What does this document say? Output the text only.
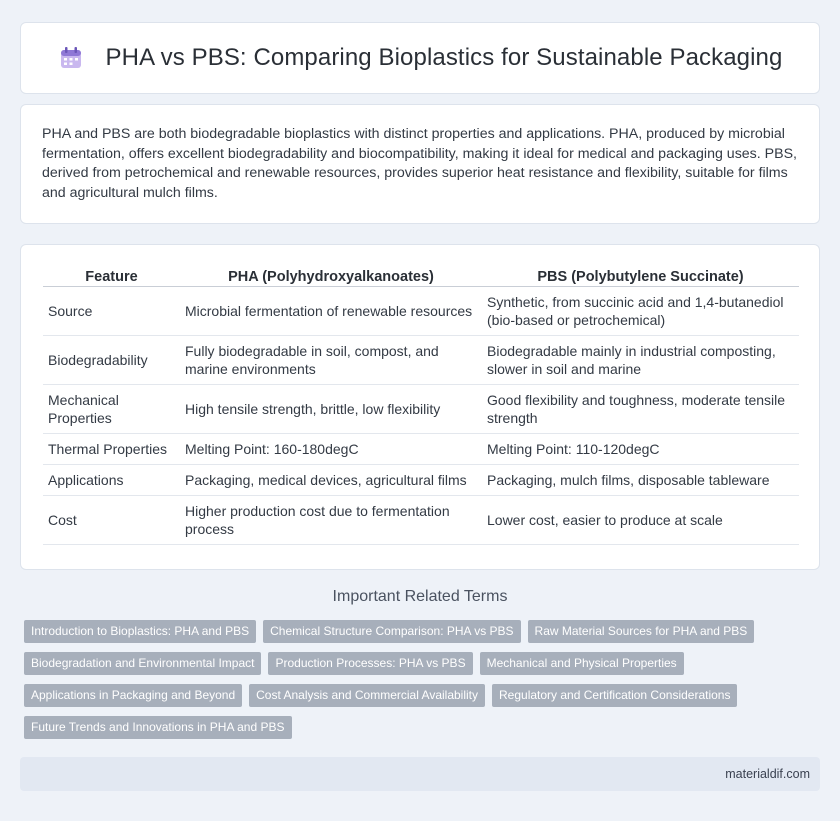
PHA vs PBS: Comparing Bioplastics for Sustainable Packaging

PHA and PBS are both biodegradable bioplastics with distinct properties and applications. PHA, produced by microbial fermentation, offers excellent biodegradability and biocompatibility, making it ideal for medical and packaging uses. PBS, derived from petrochemical and renewable resources, provides superior heat resistance and flexibility, suitable for films and agricultural mulch films.

Feature	PHA (Polyhydroxyalkanoates)	PBS (Polybutylene Succinate)
Source	Microbial fermentation of renewable resources	Synthetic, from succinic acid and 1,4-butanediol (bio-based or petrochemical)
Biodegradability	Fully biodegradable in soil, compost, and marine environments	Biodegradable mainly in industrial composting, slower in soil and marine
Mechanical Properties	High tensile strength, brittle, low flexibility	Good flexibility and toughness, moderate tensile strength
Thermal Properties	Melting Point: 160-180degC	Melting Point: 110-120degC
Applications	Packaging, medical devices, agricultural films	Packaging, mulch films, disposable tableware
Cost	Higher production cost due to fermentation process	Lower cost, easier to produce at scale
Important Related Terms
Introduction to Bioplastics: PHA and PBS	Chemical Structure Comparison: PHA vs PBS	Raw Material Sources for PHA and PBS
Biodegradation and Environmental Impact	Production Processes: PHA vs PBS	Mechanical and Physical Properties
Applications in Packaging and Beyond	Cost Analysis and Commercial Availability	Regulatory and Certification Considerations
Future Trends and Innovations in PHA and PBS
materialdif.com
